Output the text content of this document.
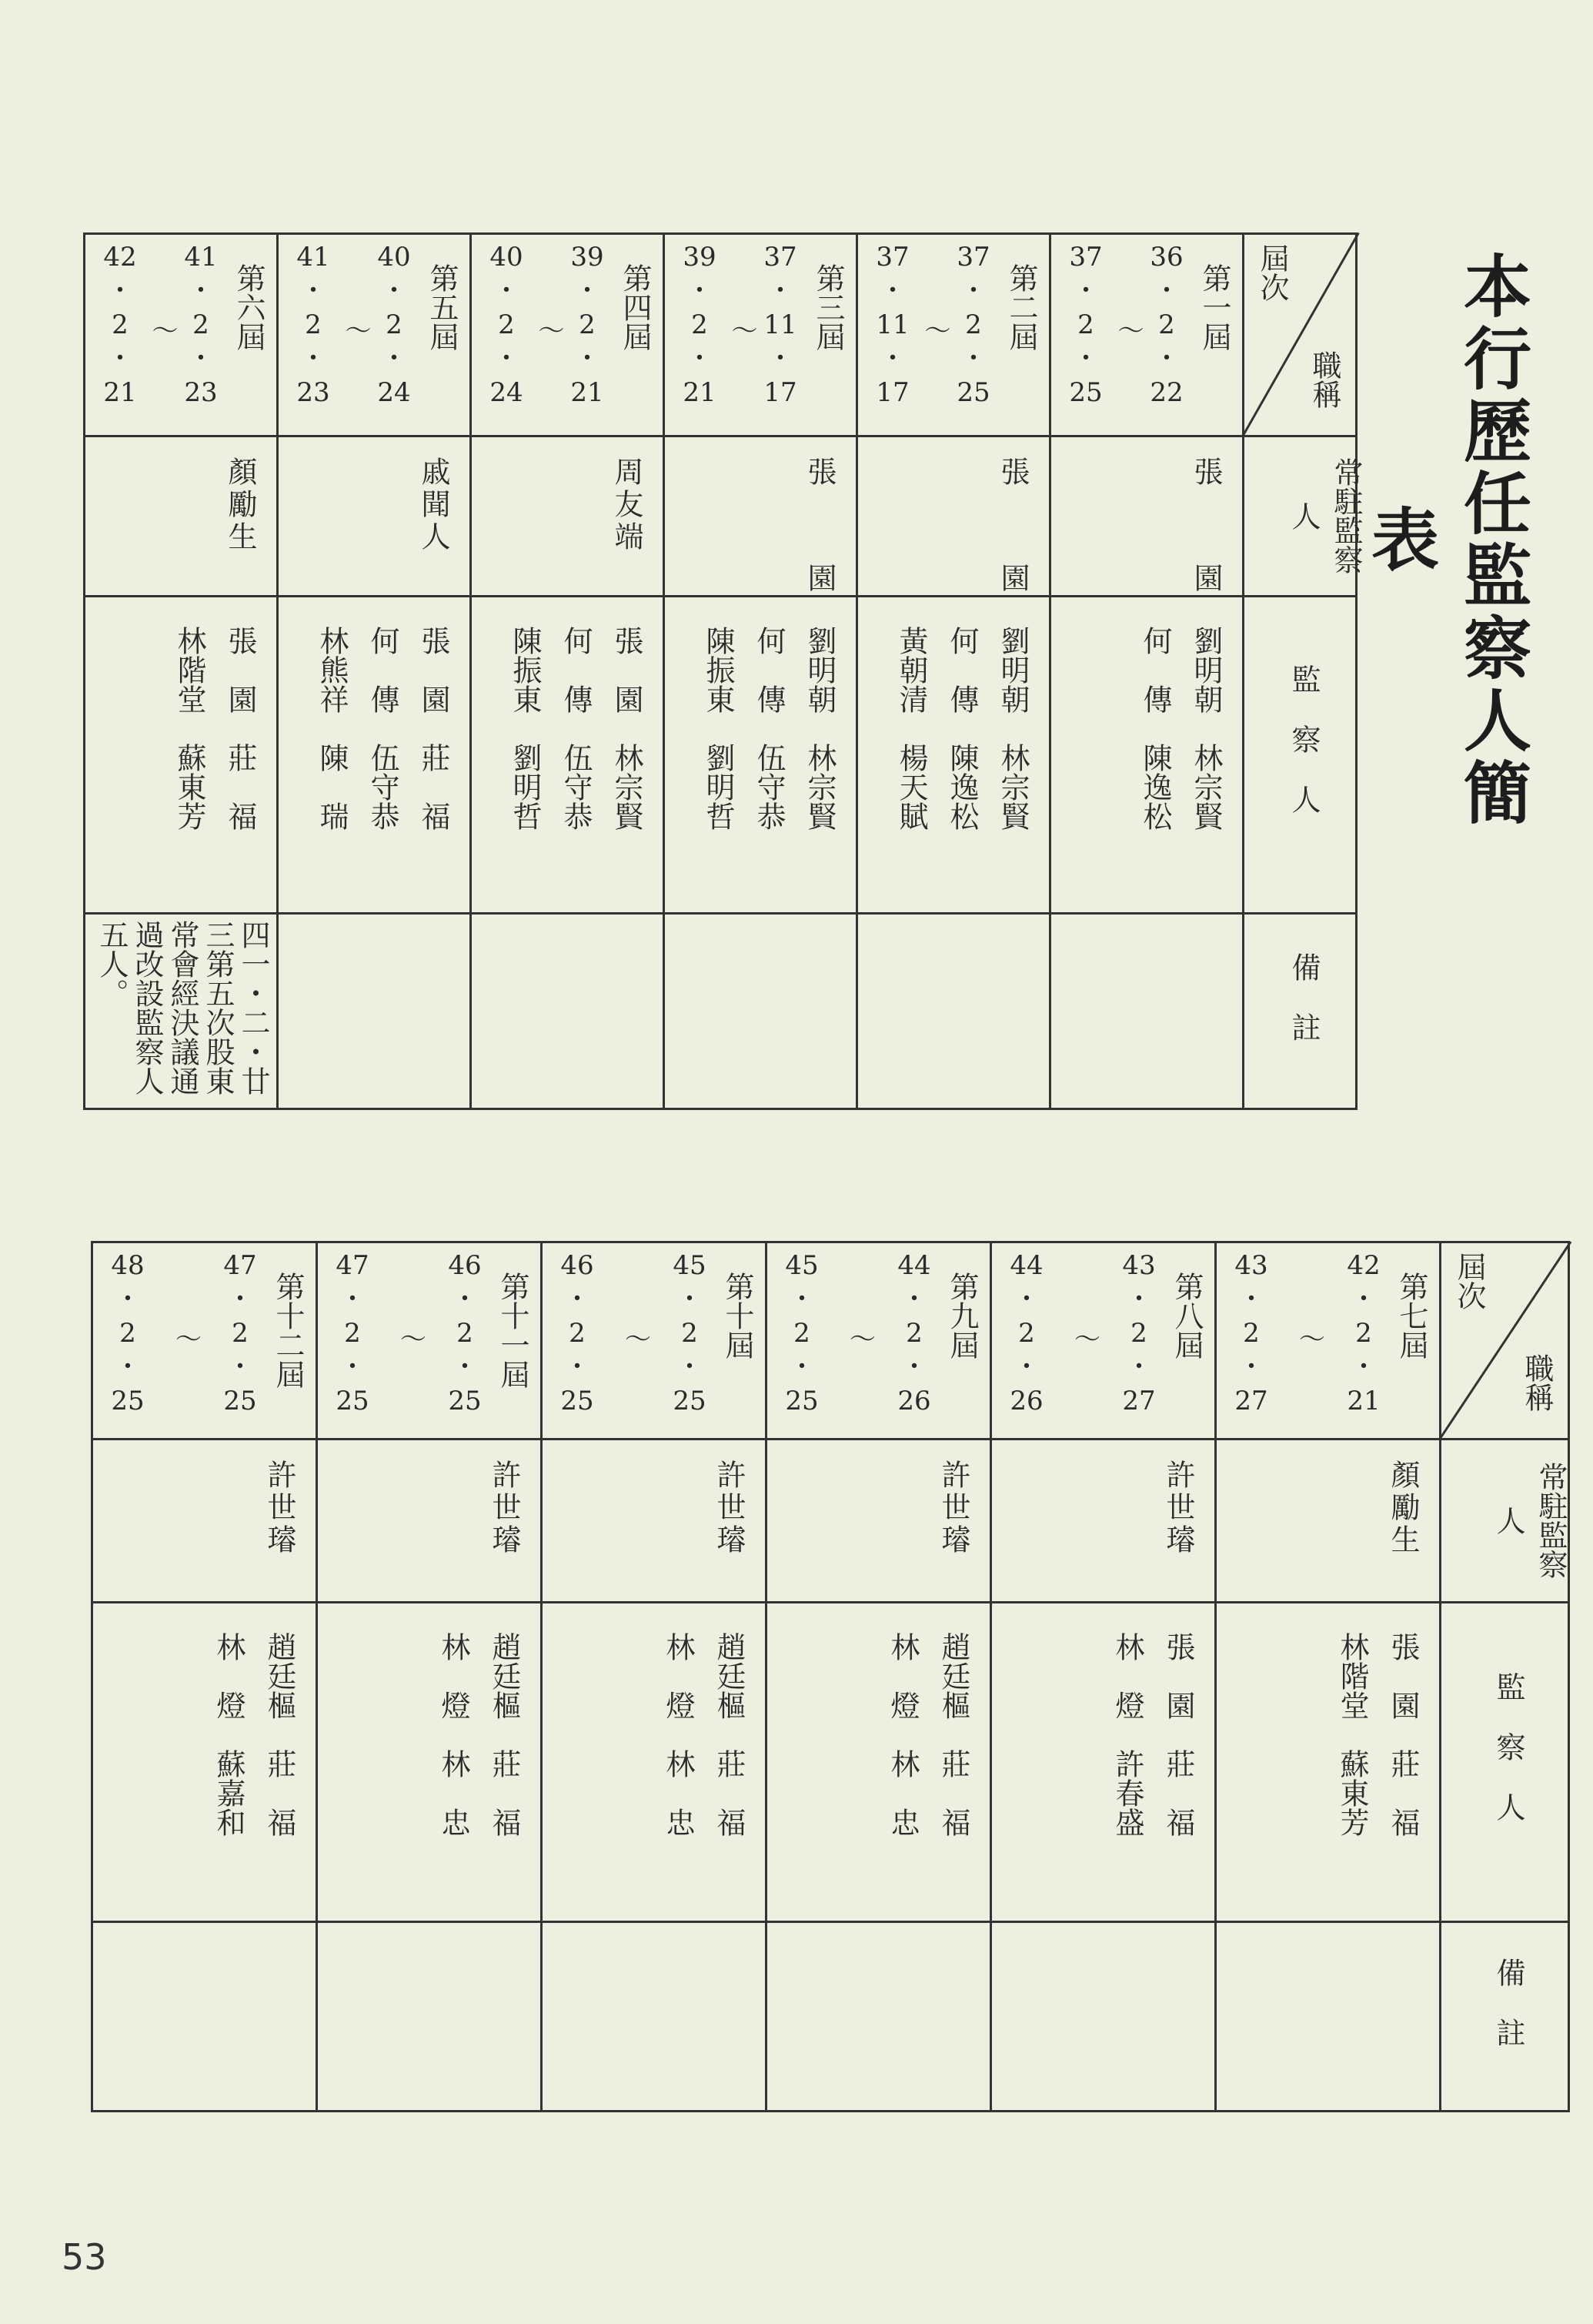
本行歷任監察人簡表
屆次
職稱
常駐監察人
監察人
備註
第一屆
36
・
2
・
22
37
・
2
・
25
～
張 園
劉明朝　林宗賢
何　傳　陳逸松
第二屆
37
・
2
・
25
37
・
11
・
17
～
張 園
劉明朝　林宗賢
何　傳　陳逸松
黃朝清　楊天賦
第三屆
37
・
11
・
17
39
・
2
・
21
～
張 園
劉明朝　林宗賢
何　傳　伍守恭
陳振東　劉明哲
第四屆
39
・
2
・
21
40
・
2
・
24
～
周友端
張　園　林宗賢
何　傳　伍守恭
陳振東　劉明哲
第五屆
40
・
2
・
24
41
・
2
・
23
～
戚聞人
張　園　莊　福
何　傳　伍守恭
林熊祥　陳　瑞
第六屆
41
・
2
・
23
42
・
2
・
21
～
顏勵生
張　園　莊　福
林階堂　蘇東芳
四一・二・廿三第五次股東常會經決議通過改設監察人五人。
屆次
職稱
常駐監察人
監察人
備註
第七屆
42
・
2
・
21
43
・
2
・
27
～
顏勵生
張　園　莊　福
林階堂　蘇東芳
第八屆
43
・
2
・
27
44
・
2
・
26
～
許世璿
張　園　莊　福
林　燈　許春盛
第九屆
44
・
2
・
26
45
・
2
・
25
～
許世璿
趙廷樞　莊　福
林　燈　林　忠
第十屆
45
・
2
・
25
46
・
2
・
25
～
許世璿
趙廷樞　莊　福
林　燈　林　忠
第十一屆
46
・
2
・
25
47
・
2
・
25
～
許世璿
趙廷樞　莊　福
林　燈　林　忠
第十二屆
47
・
2
・
25
48
・
2
・
25
～
許世璿
趙廷樞　莊　福
林　燈　蘇嘉和
53
